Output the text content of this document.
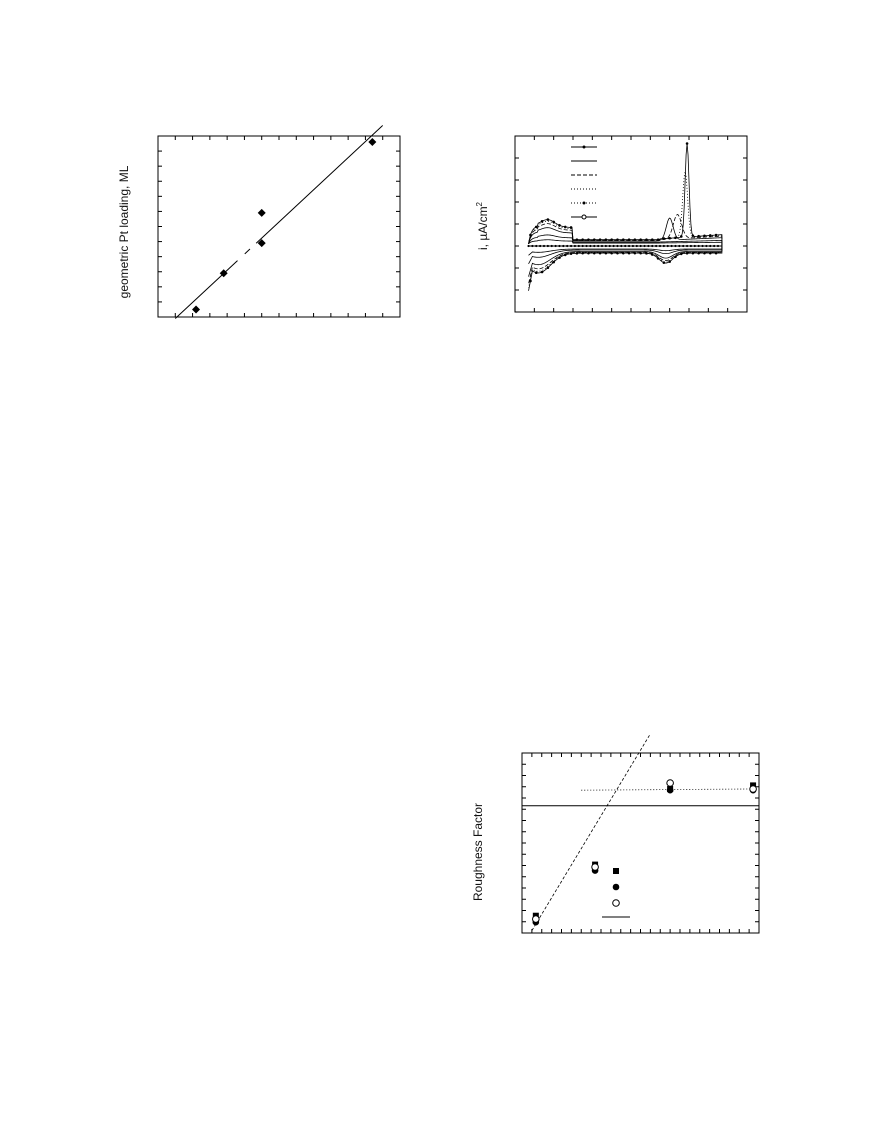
geometric Pt loading, ML	i, $\mu A/cm^2$
Roughness Factor
